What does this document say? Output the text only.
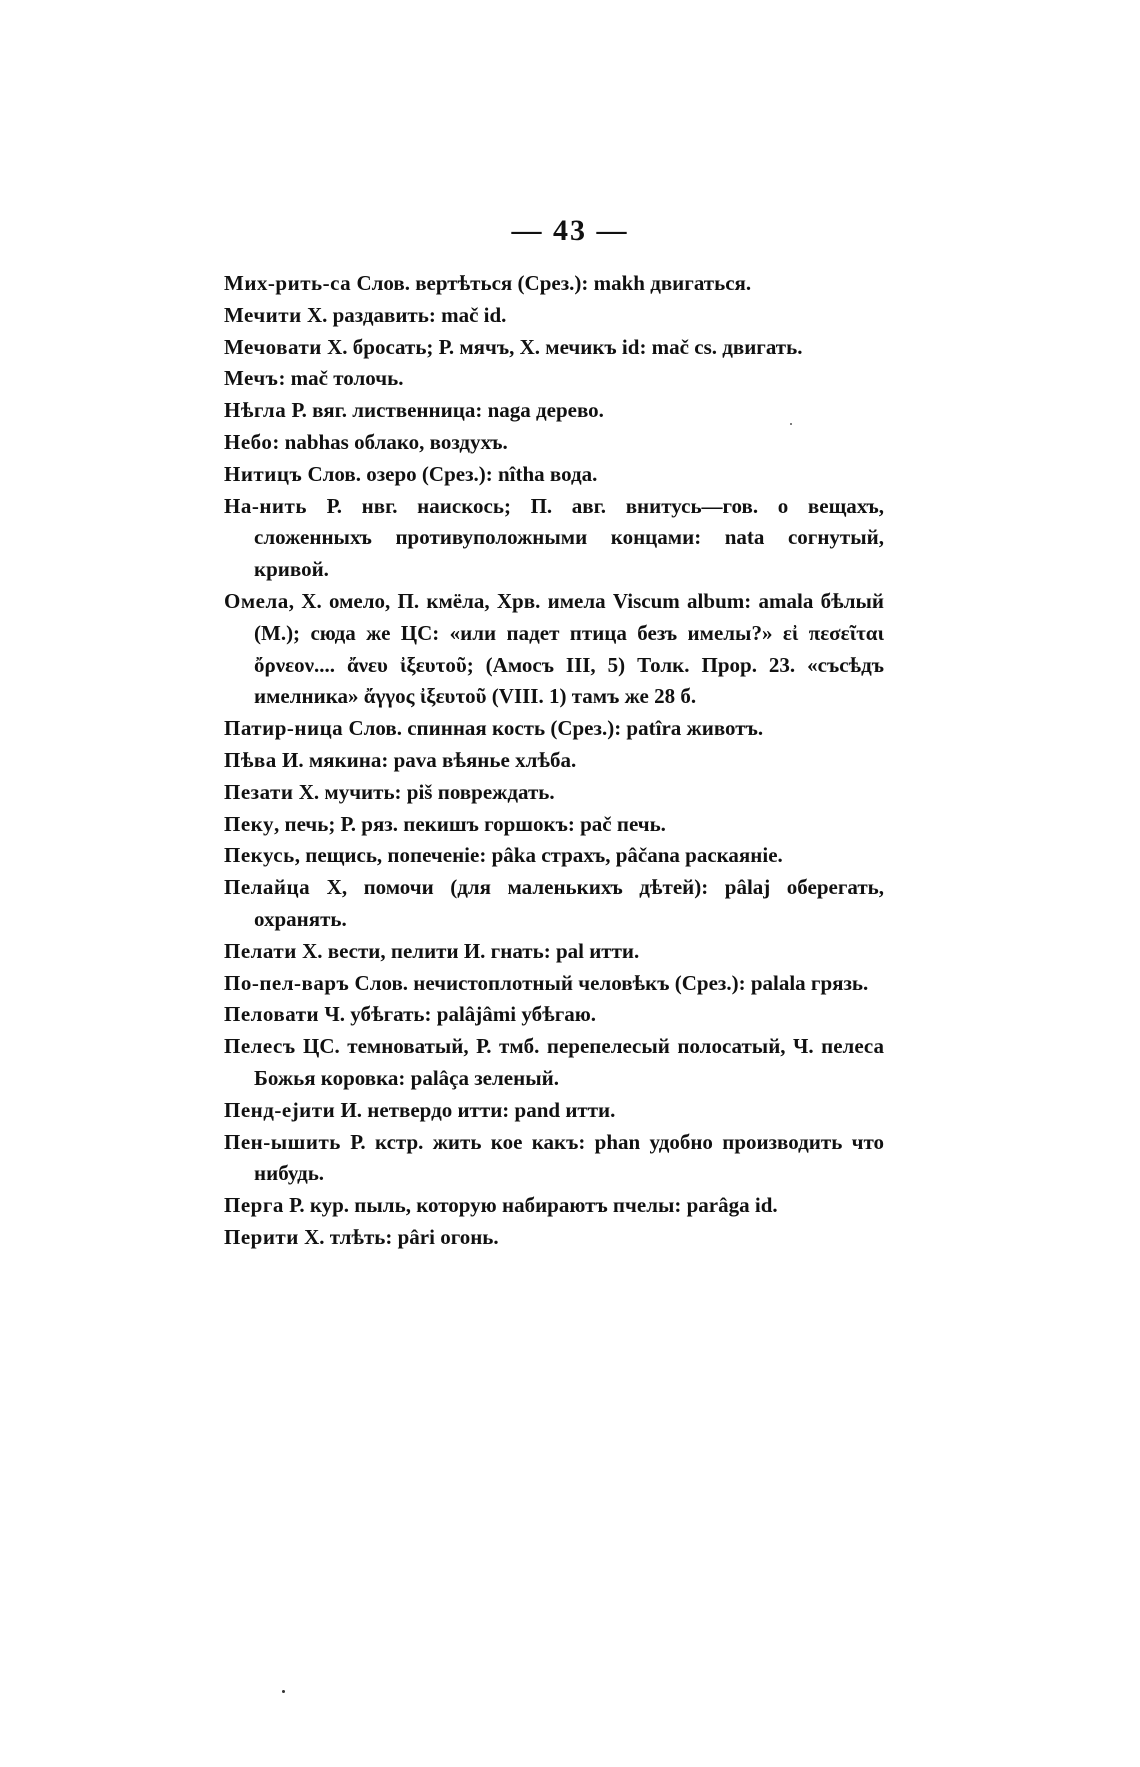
— 43 —

Мих-рить-са Слов. вертѣться (Срез.): makh двигаться.

Мечити Х. раздавить: mač id.

Мечовати Х. бросать; Р. мячъ, Х. мечикъ id: mač cs. двигать.

Мечъ: mač толочь.

Нѣгла Р. вяг. лиственница: naga дерево.

Небо: nabhas облако, воздухъ.

Нитицъ Слов. озеро (Срез.): nîtha вода.

На-нить Р. нвг. наискось; П. авг. внитусь—гов. о вещахъ, сложенныхъ противуположными концами: nata согнутый, кривой.

Омела, Х. омело, П. кмёла, Хрв. имела Viscum album: amala бѣлый (М.); сюда же ЦС: «или падет птица безъ имелы?» εἰ πεσεῖται ὄρνεον.... ἄνευ ἰξευτοῦ; (Амосъ III, 5) Толк. Прор. 23. «съсѣдъ имелника» ἄγγος ἰξευτοῦ (VIII. 1) тамъ же 28 б.

Патир-ница Слов. спинная кость (Срез.): patîra животъ.

Пѣва И. мякина: pava вѣянье хлѣба.

Пезати Х. мучить: piš повреждать.

Пеку, печь; Р. ряз. пекишъ горшокъ: pač печь.

Пекусь, пещись, попеченіе: pâka страхъ, pâčana раскаяніе.

Пелайца Х, помочи (для маленькихъ дѣтей): pâlaj оберегать, охранять.

Пелати Х. вести, пелити И. гнать: pal итти.

По-пел-варъ Слов. нечистоплотный человѣкъ (Срез.): palala грязь.

Пеловати Ч. убѣгать: palâjâmi убѣгаю.

Пелесъ ЦС. темноватый, Р. тмб. перепелесый полосатый, Ч. пелеса Божья коровка: palâça зеленый.

Пенд-ejити И. нетвердо итти: pand итти.

Пен-ышить Р. кстр. жить кое какъ: phan удобно производить что нибудь.

Перга Р. кур. пыль, которую набираютъ пчелы: parâga id.

Перити Х. тлѣть: pâri огонь.
